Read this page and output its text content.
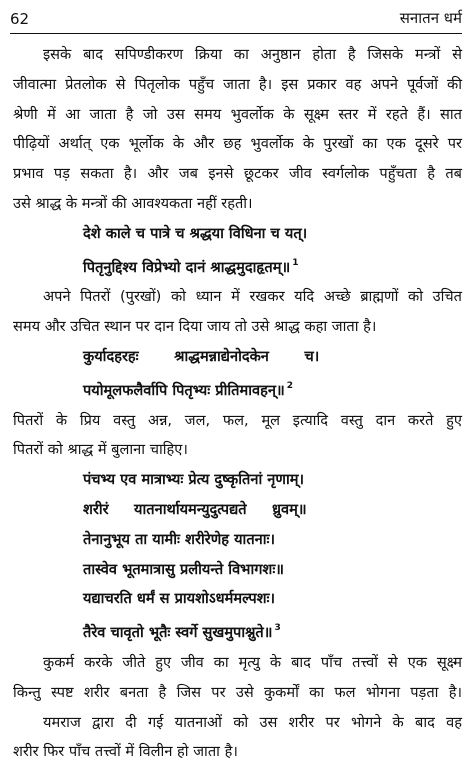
62	सनातन धर्म
इसके बाद सपिण्डीकरण क्रिया का अनुष्ठान होता है जिसके मन्त्रों से
जीवात्मा प्रेतलोक से पितृलोक पहुँच जाता है। इस प्रकार वह अपने पूर्वजों की
श्रेणी में आ जाता है जो उस समय भुवर्लोक के सूक्ष्म स्तर में रहते हैं। सात
पीढ़ियों अर्थात् एक भूर्लोक के और छह भुवर्लोक के पुरखों का एक दूसरे पर
प्रभाव पड़ सकता है। और जब इनसे छूटकर जीव स्वर्गलोक पहुँचता है तब
उसे श्राद्ध के मन्त्रों की आवश्यकता नहीं रहती।
देशे काले च पात्रे च श्रद्धया विधिना च यत्।
पितृनुद्दिश्य विप्रेभ्यो दानं श्राद्धमुदाहृतम्॥ $^1$
अपने पितरों (पुरखों) को ध्यान में रखकर यदि अच्छे ब्राह्मणों को उचित
समय और उचित स्थान पर दान दिया जाय तो उसे श्राद्ध कहा जाता है।
कुर्यादहरहः       श्राद्धमन्नाद्येनोदकेन       च।
पयोमूलफलैर्वापि पितृभ्यः प्रीतिमावहन्॥ $^2$
पितरों के प्रिय वस्तु अन्न, जल, फल, मूल इत्यादि वस्तु दान करते हुए
पितरों को श्राद्ध में बुलाना चाहिए।
पंचभ्य एव मात्राभ्यः प्रेत्य दुष्कृतिनां नृणाम्।
शरीरं     यातनार्थायमन्युदुत्पद्यते     ध्रुवम्॥
तेनानुभूय ता यामीः शरीरेणेह यातनाः।
तास्वेव भूतमात्रासु प्रलीयन्ते विभागशः॥
यद्याचरति धर्मं स प्रायशोऽधर्ममल्पशः।
तैरेव चावृतो भूतैः स्वर्गे सुखमुपाश्नुते॥ $^3$
कुकर्म करके जीते हुए जीव का मृत्यु के बाद पाँच तत्त्वों से एक सूक्ष्म
किन्तु स्पष्ट शरीर बनता है जिस पर उसे कुकर्मों का फल भोगना पड़ता है।
यमराज द्वारा दी गई यातनाओं को उस शरीर पर भोगने के बाद वह
शरीर फिर पाँच तत्त्वों में विलीन हो जाता है।
